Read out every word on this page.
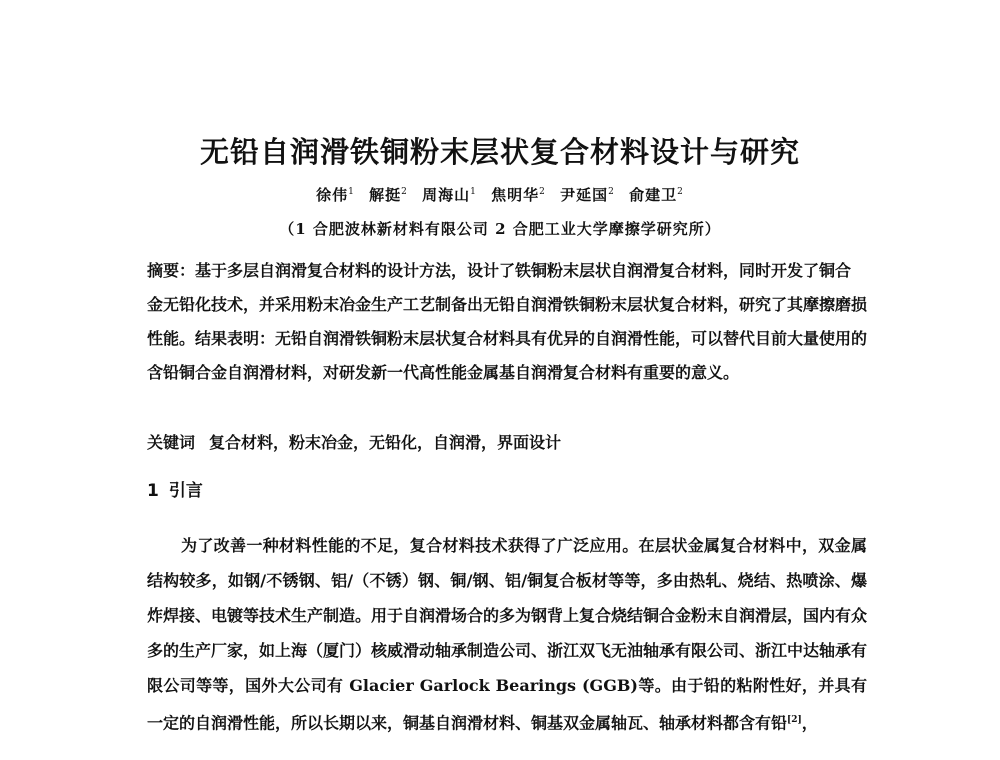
无铅自润滑铁铜粉末层状复合材料设计与研究
徐伟$^1$ 解挺$^2$ 周海山$^1$ 焦明华$^2$ 尹延国$^2$ 俞建卫$^2$
（1 合肥波林新材料有限公司 2 合肥工业大学摩擦学研究所）
摘要：基于多层自润滑复合材料的设计方法，设计了铁铜粉末层状自润滑复合材料，同时开发了铜合金无铅化技术，并采用粉末冶金生产工艺制备出无铅自润滑铁铜粉末层状复合材料，研究了其摩擦磨损性能。结果表明：无铅自润滑铁铜粉末层状复合材料具有优异的自润滑性能，可以替代目前大量使用的含铅铜合金自润滑材料，对研发新一代高性能金属基自润滑复合材料有重要的意义。
关键词 复合材料，粉末冶金，无铅化，自润滑，界面设计
1 引言
为了改善一种材料性能的不足，复合材料技术获得了广泛应用。在层状金属复合材料中，双金属结构较多，如钢/不锈钢、铝/（不锈）钢、铜/钢、铝/铜复合板材等等，多由热轧、烧结、热喷涂、爆炸焊接、电镀等技术生产制造。用于自润滑场合的多为钢背上复合烧结铜合金粉末自润滑层，国内有众多的生产厂家，如上海（厦门）核威滑动轴承制造公司、浙江双飞无油轴承有限公司、浙江中达轴承有限公司等等，国外大公司有 Glacier Garlock Bearings (GGB)等。由于铅的粘附性好，并具有一定的自润滑性能，所以长期以来，铜基自润滑材料、铜基双金属轴瓦、轴承材料都含有铅[2]，
